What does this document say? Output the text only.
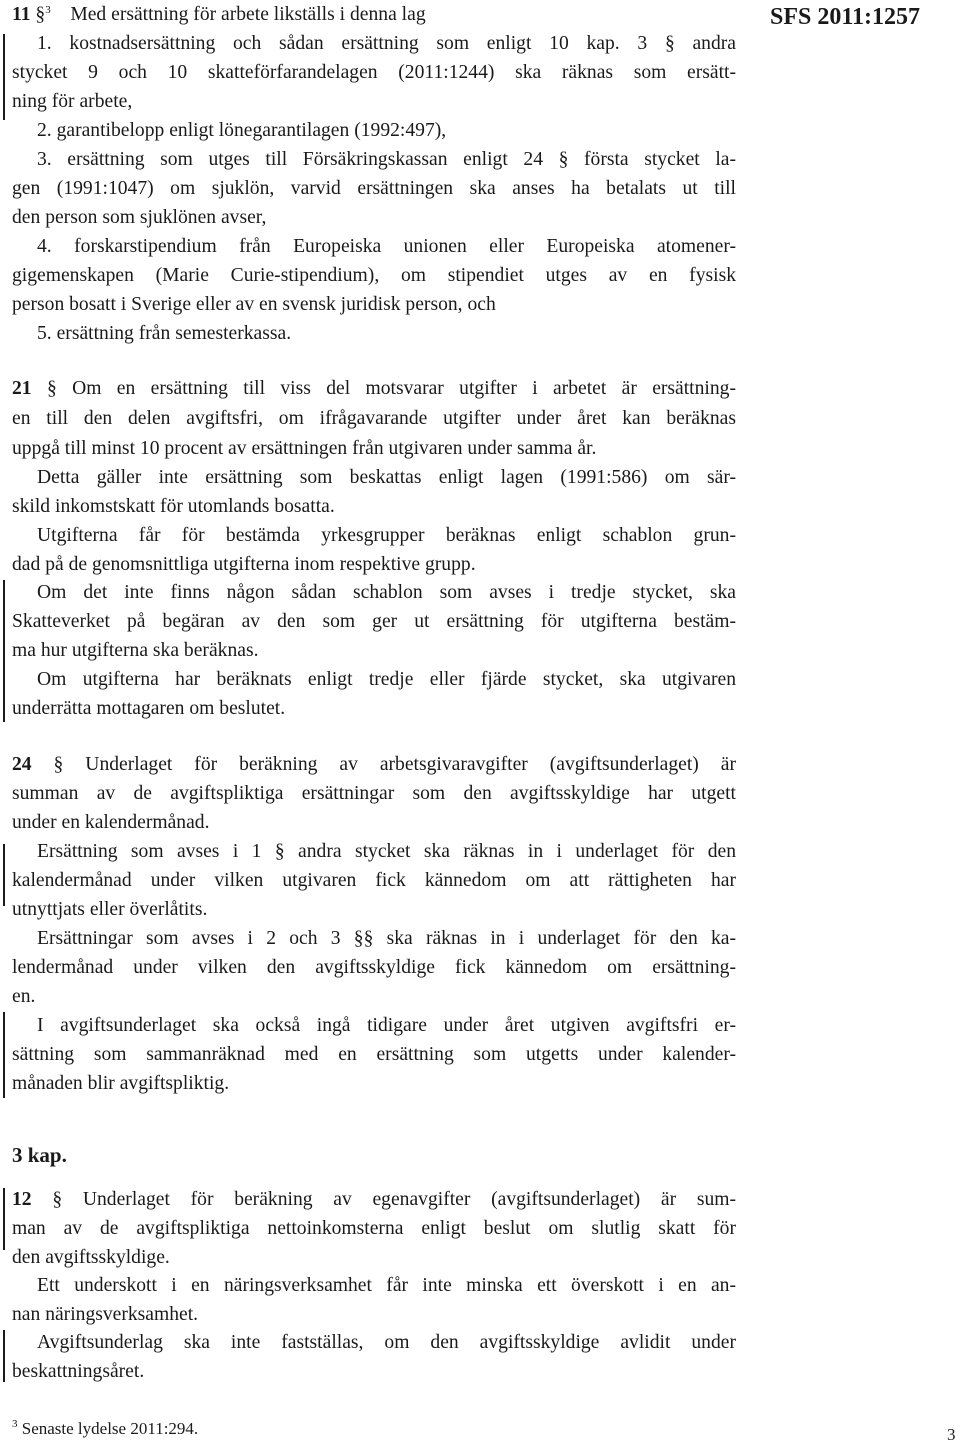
SFS 2011:1257
11 §$^3$ Med ersättning för arbete likställs i denna lag
1. kostnadsersättning och sådan ersättning som enligt 10 kap. 3 § andra
stycket 9 och 10 skatteförfarandelagen (2011:1244) ska räknas som ersätt-
ning för arbete,
2. garantibelopp enligt lönegarantilagen (1992:497),
3. ersättning som utges till Försäkringskassan enligt 24 § första stycket la-
gen (1991:1047) om sjuklön, varvid ersättningen ska anses ha betalats ut till
den person som sjuklönen avser,
4. forskarstipendium från Europeiska unionen eller Europeiska atomener-
gigemenskapen (Marie Curie-stipendium), om stipendiet utges av en fysisk
person bosatt i Sverige eller av en svensk juridisk person, och
5. ersättning från semesterkassa.
21 § Om en ersättning till viss del motsvarar utgifter i arbetet är ersättning-
en till den delen avgiftsfri, om ifrågavarande utgifter under året kan beräknas
uppgå till minst 10 procent av ersättningen från utgivaren under samma år.
Detta gäller inte ersättning som beskattas enligt lagen (1991:586) om sär-
skild inkomstskatt för utomlands bosatta.
Utgifterna får för bestämda yrkesgrupper beräknas enligt schablon grun-
dad på de genomsnittliga utgifterna inom respektive grupp.
Om det inte finns någon sådan schablon som avses i tredje stycket, ska
Skatteverket på begäran av den som ger ut ersättning för utgifterna bestäm-
ma hur utgifterna ska beräknas.
Om utgifterna har beräknats enligt tredje eller fjärde stycket, ska utgivaren
underrätta mottagaren om beslutet.
24 § Underlaget för beräkning av arbetsgivaravgifter (avgiftsunderlaget) är
summan av de avgiftspliktiga ersättningar som den avgiftsskyldige har utgett
under en kalendermånad.
Ersättning som avses i 1 § andra stycket ska räknas in i underlaget för den
kalendermånad under vilken utgivaren fick kännedom om att rättigheten har
utnyttjats eller överlåtits.
Ersättningar som avses i 2 och 3 §§ ska räknas in i underlaget för den ka-
lendermånad under vilken den avgiftsskyldige fick kännedom om ersättning-
en.
I avgiftsunderlaget ska också ingå tidigare under året utgiven avgiftsfri er-
sättning som sammanräknad med en ersättning som utgetts under kalender-
månaden blir avgiftspliktig.
3 kap.
12 § Underlaget för beräkning av egenavgifter (avgiftsunderlaget) är sum-
man av de avgiftspliktiga nettoinkomsterna enligt beslut om slutlig skatt för
den avgiftsskyldige.
Ett underskott i en näringsverksamhet får inte minska ett överskott i en an-
nan näringsverksamhet.
Avgiftsunderlag ska inte fastställas, om den avgiftsskyldige avlidit under
beskattningsåret.
$^3$ Senaste lydelse 2011:294.	3
